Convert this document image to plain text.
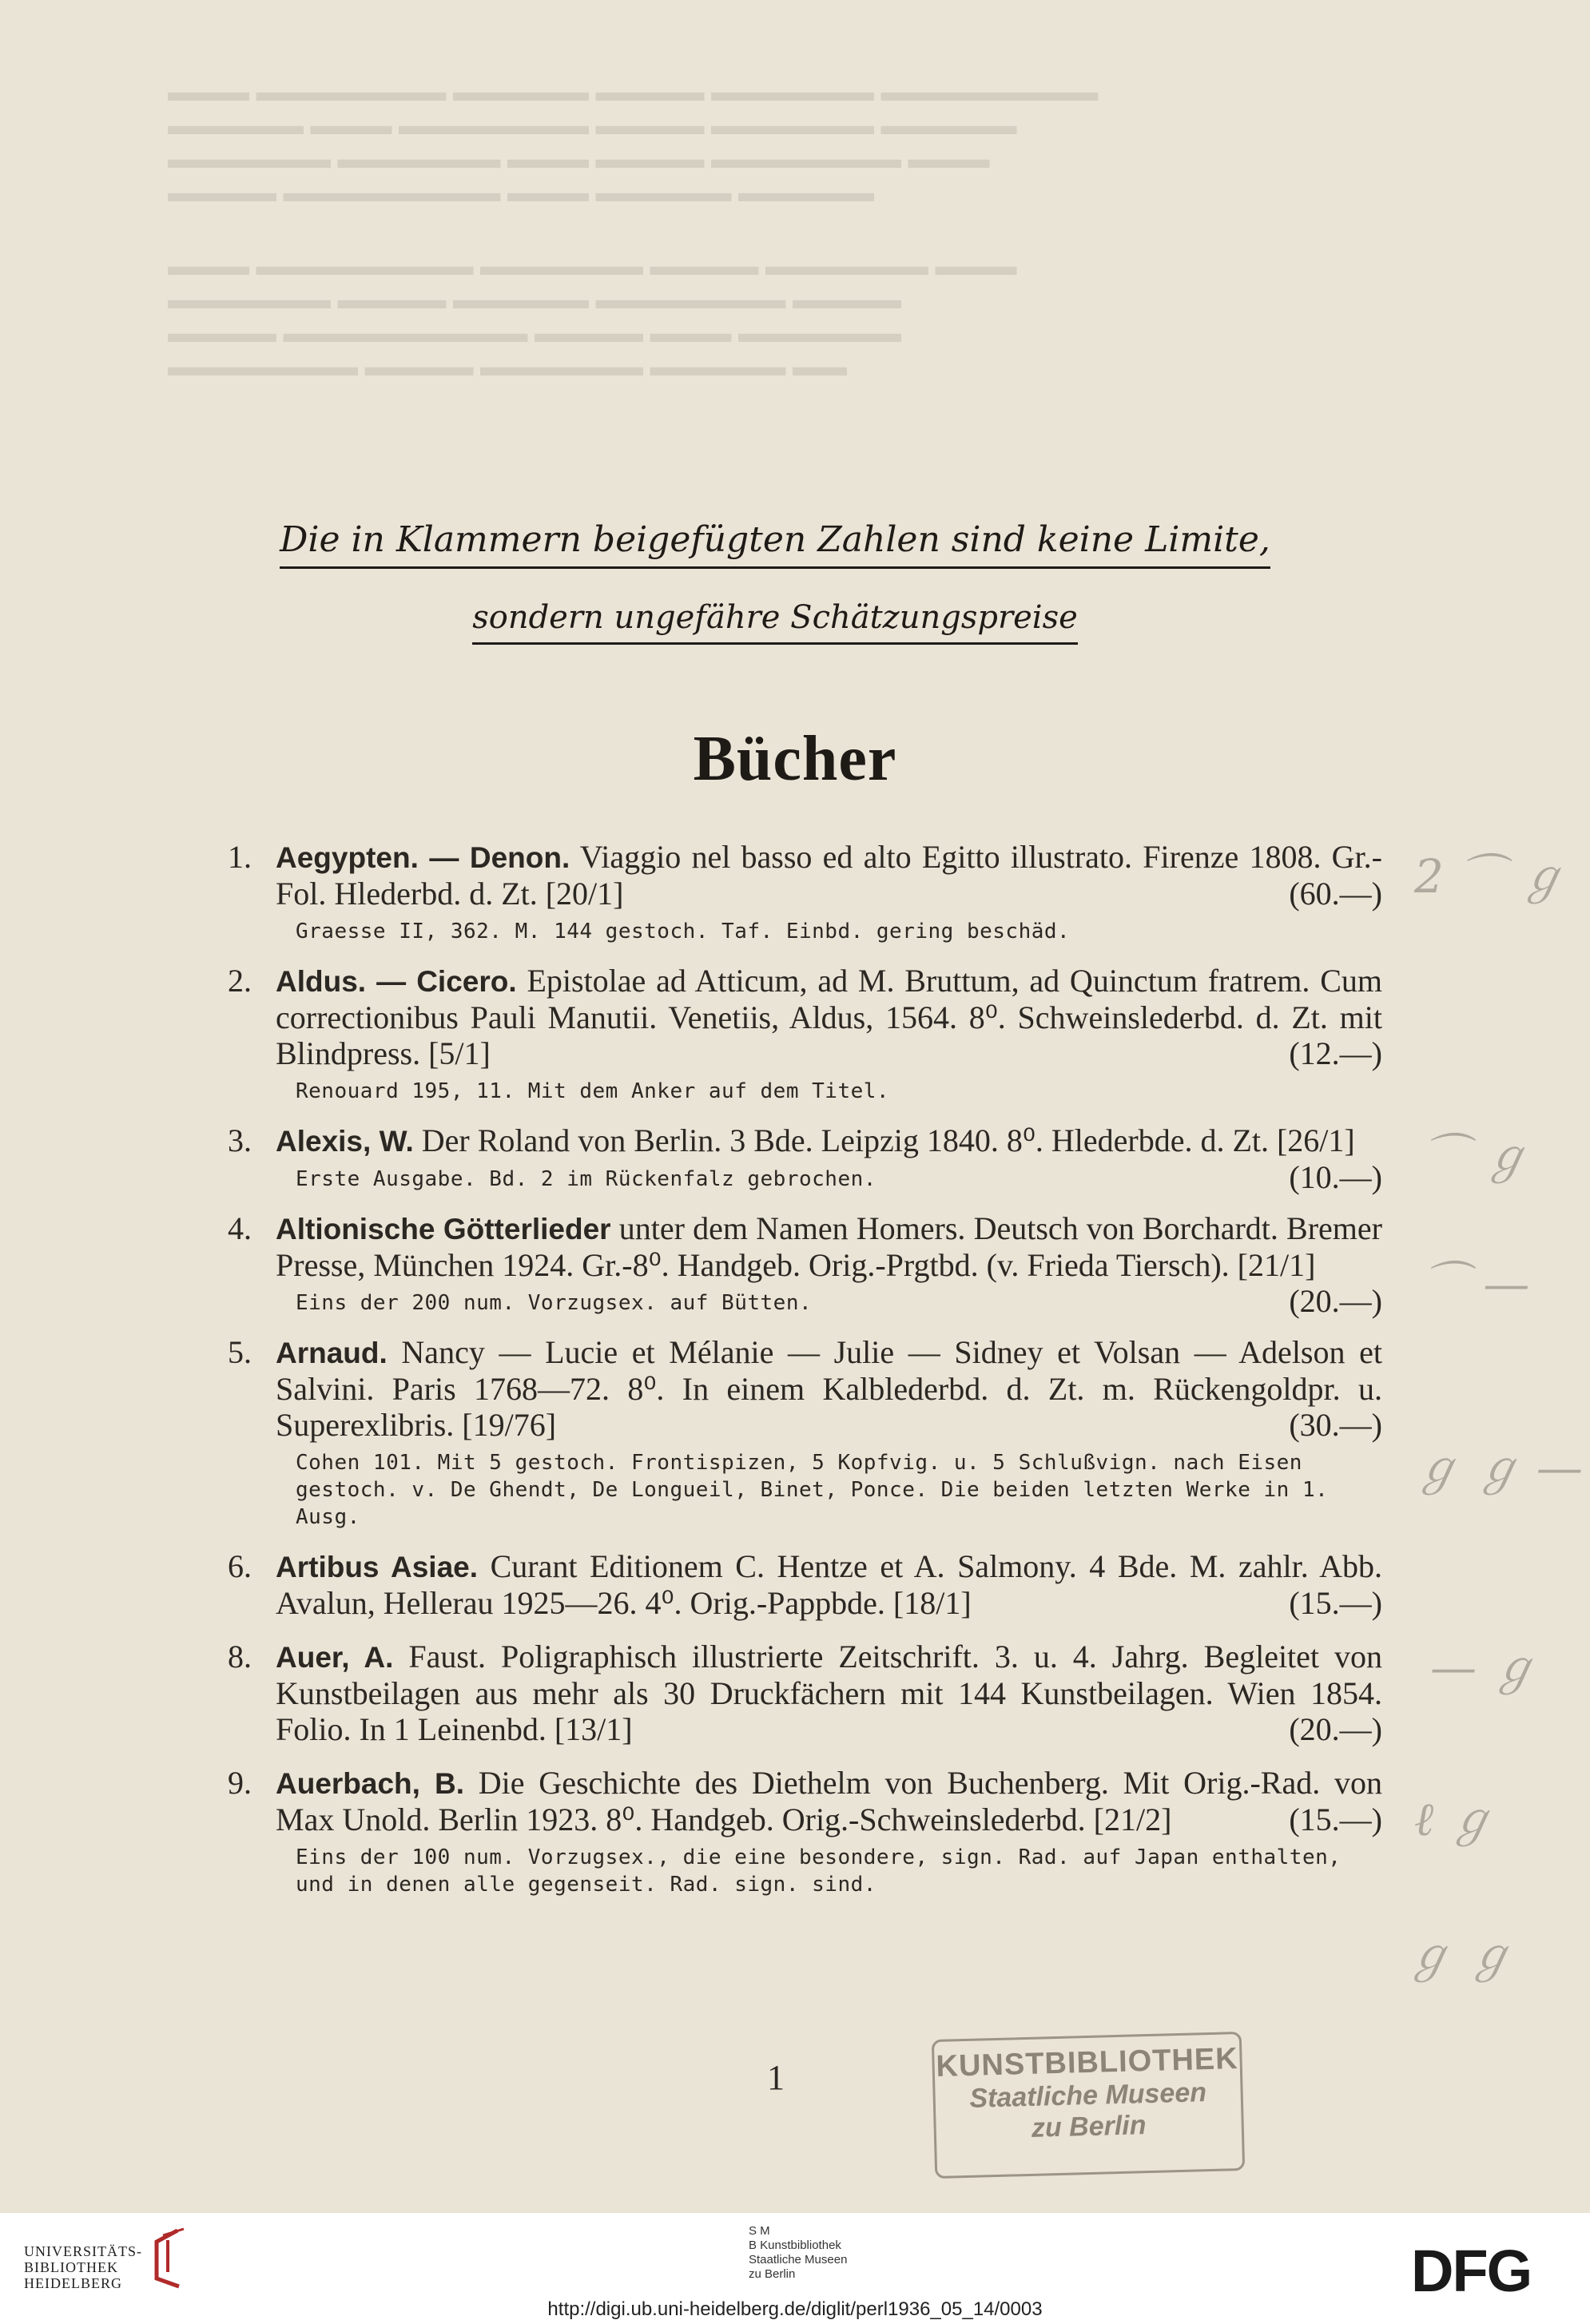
▬▬▬ ▬▬▬▬▬▬▬ ▬▬▬▬▬ ▬▬▬▬ ▬▬▬▬▬▬ ▬▬▬▬▬▬▬▬
▬▬▬▬▬ ▬▬▬ ▬▬▬▬▬▬▬ ▬▬▬▬ ▬▬▬▬▬▬ ▬▬▬▬▬
▬▬▬▬▬▬ ▬▬▬▬▬▬ ▬▬▬ ▬▬▬▬ ▬▬▬▬▬▬▬ ▬▬▬
▬▬▬▬ ▬▬▬▬▬▬▬▬ ▬▬▬ ▬▬▬▬▬ ▬▬▬▬▬
▬▬▬ ▬▬▬▬▬▬▬▬ ▬▬▬▬▬▬ ▬▬▬▬ ▬▬▬▬▬▬ ▬▬▬
▬▬▬▬▬▬ ▬▬▬▬ ▬▬▬▬▬ ▬▬▬▬▬▬▬ ▬▬▬▬
▬▬▬▬ ▬▬▬▬▬▬▬▬▬ ▬▬▬▬ ▬▬▬ ▬▬▬▬▬▬
▬▬▬▬▬▬▬ ▬▬▬▬ ▬▬▬▬▬▬ ▬▬▬▬▬ ▬▬
Die in Klammern beigefügten Zahlen sind keine Limite,
sondern ungefähre Schätzungspreise
Bücher
1. Aegypten. — Denon. Viaggio nel basso ed alto Egitto illustrato. Firenze 1808. Gr.-Fol. Hlederbd. d. Zt. [20/1]	(60.—)
Graesse II, 362. M. 144 gestoch. Taf. Einbd. gering beschäd.
2. Aldus. — Cicero. Epistolae ad Atticum, ad M. Bruttum, ad Quinctum fratrem. Cum correctionibus Pauli Manutii. Venetiis, Aldus, 1564. 8⁰. Schweinslederbd. d. Zt. mit Blindpress. [5/1]	(12.—)
Renouard 195, 11. Mit dem Anker auf dem Titel.
3. Alexis, W. Der Roland von Berlin. 3 Bde. Leipzig 1840. 8⁰. Hlederbde. d. Zt. [26/1]
(10.—)
Erste Ausgabe. Bd. 2 im Rückenfalz gebrochen.
4. Altionische Götterlieder unter dem Namen Homers. Deutsch von Borchardt. Bremer Presse, München 1924. Gr.-8⁰. Handgeb. Orig.-Prgtbd. (v. Frieda Tiersch). [21/1]
(20.—)
Eins der 200 num. Vorzugsex. auf Bütten.
5. Arnaud. Nancy — Lucie et Mélanie — Julie — Sidney et Volsan — Adelson et Salvini. Paris 1768—72. 8⁰. In einem Kalblederbd. d. Zt. m. Rückengoldpr. u. Superexlibris. [19/76]	(30.—)
Cohen 101. Mit 5 gestoch. Frontispizen, 5 Kopfvig. u. 5 Schlußvign. nach Eisen gestoch. v. De Ghendt, De Longueil, Binet, Ponce. Die beiden letzten Werke in 1. Ausg.
6. Artibus Asiae. Curant Editionem C. Hentze et A. Salmony. 4 Bde. M. zahlr. Abb. Avalun, Hellerau 1925—26. 4⁰. Orig.-Pappbde. [18/1]	(15.—)
8. Auer, A. Faust. Poligraphisch illustrierte Zeitschrift. 3. u. 4. Jahrg. Begleitet von Kunstbeilagen aus mehr als 30 Druckfächern mit 144 Kunstbeilagen. Wien 1854. Folio. In 1 Leinenbd. [13/1]	(20.—)
9. Auerbach, B. Die Geschichte des Diethelm von Buchenberg. Mit Orig.-Rad. von Max Unold. Berlin 1923. 8⁰. Handgeb. Orig.-Schweinslederbd. [21/2]	(15.—)
Eins der 100 num. Vorzugsex., die eine besondere, sign. Rad. auf Japan enthalten, und in denen alle gegenseit. Rad. sign. sind.
2 ⌒ ℊ
⌒ ℊ
⌒ —
ℊ ℊ —
— ℊ
ℓ ℊ
ℊ ℊ
1	KUNSTBIBLIOTHEK
Staatliche Museen
zu Berlin
UNIVERSITÄTS-
BIBLIOTHEK
HEIDELBERG
S M
B Kunstbibliothek
Staatliche Museen
zu Berlin	DFG
http://digi.ub.uni-heidelberg.de/diglit/perl1936_05_14/0003
